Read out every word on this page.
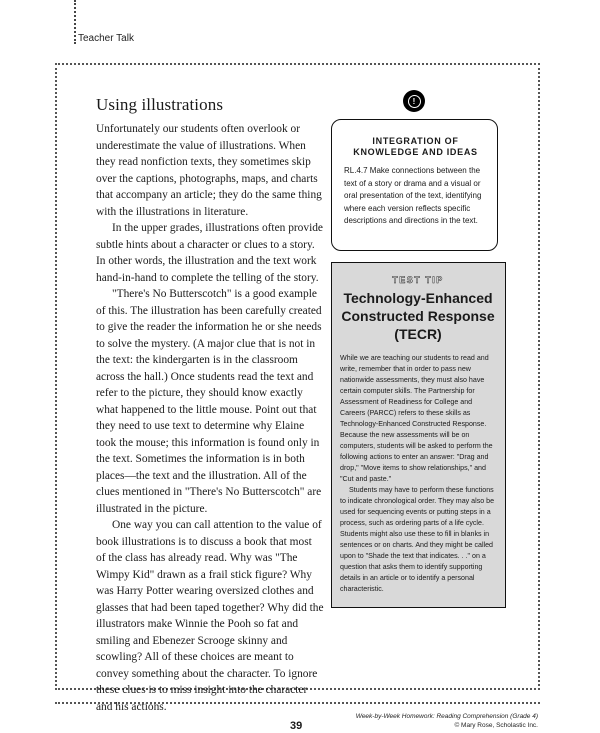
Teacher Talk
Using illustrations

Unfortunately our students often overlook or underestimate the value of illustrations. When they read nonfiction texts, they sometimes skip over the captions, photographs, maps, and charts that accompany an article; they do the same thing with the illustrations in literature.

In the upper grades, illustrations often provide subtle hints about a character or clues to a story. In other words, the illustration and the text work hand-in-hand to complete the telling of the story.

"There's No Butterscotch" is a good example of this. The illustration has been carefully created to give the reader the information he or she needs to solve the mystery. (A major clue that is not in the text: the kindergarten is in the classroom across the hall.) Once students read the text and refer to the picture, they should know exactly what happened to the little mouse. Point out that they need to use text to determine why Elaine took the mouse; this information is found only in the text. Sometimes the information is in both places—the text and the illustration. All of the clues mentioned in "There's No Butterscotch" are illustrated in the picture.

One way you can call attention to the value of book illustrations is to discuss a book that most of the class has already read. Why was "The Wimpy Kid" drawn as a frail stick figure? Why was Harry Potter wearing oversized clothes and glasses that had been taped together? Why did the illustrators make Winnie the Pooh so fat and smiling and Ebenezer Scrooge skinny and scowling? All of these choices are meant to convey something about the character. To ignore these clues is to miss insight into the character and his actions.

INTEGRATION OF KNOWLEDGE AND IDEAS
RL.4.7 Make connections between the text of a story or drama and a visual or oral presentation of the text, identifying where each version reflects specific descriptions and directions in the text.
!
TEST TIP
Technology-Enhanced Constructed Response (TECR)

While we are teaching our students to read and write, remember that in order to pass new nationwide assessments, they must also have certain computer skills. The Partnership for Assessment of Readiness for College and Careers (PARCC) refers to these skills as Technology-Enhanced Constructed Response. Because the new assessments will be on computers, students will be asked to perform the following actions to enter an answer: "Drag and drop," "Move items to show relationships," and "Cut and paste."

Students may have to perform these functions to indicate chronological order. They may also be used for sequencing events or putting steps in a process, such as ordering parts of a life cycle. Students might also use these to fill in blanks in sentences or on charts. And they might be called upon to "Shade the text that indicates. . ." on a question that asks them to identify supporting details in an article or to identify a personal characteristic.

39
Week-by-Week Homework: Reading Comprehension (Grade 4)
© Mary Rose, Scholastic Inc.
